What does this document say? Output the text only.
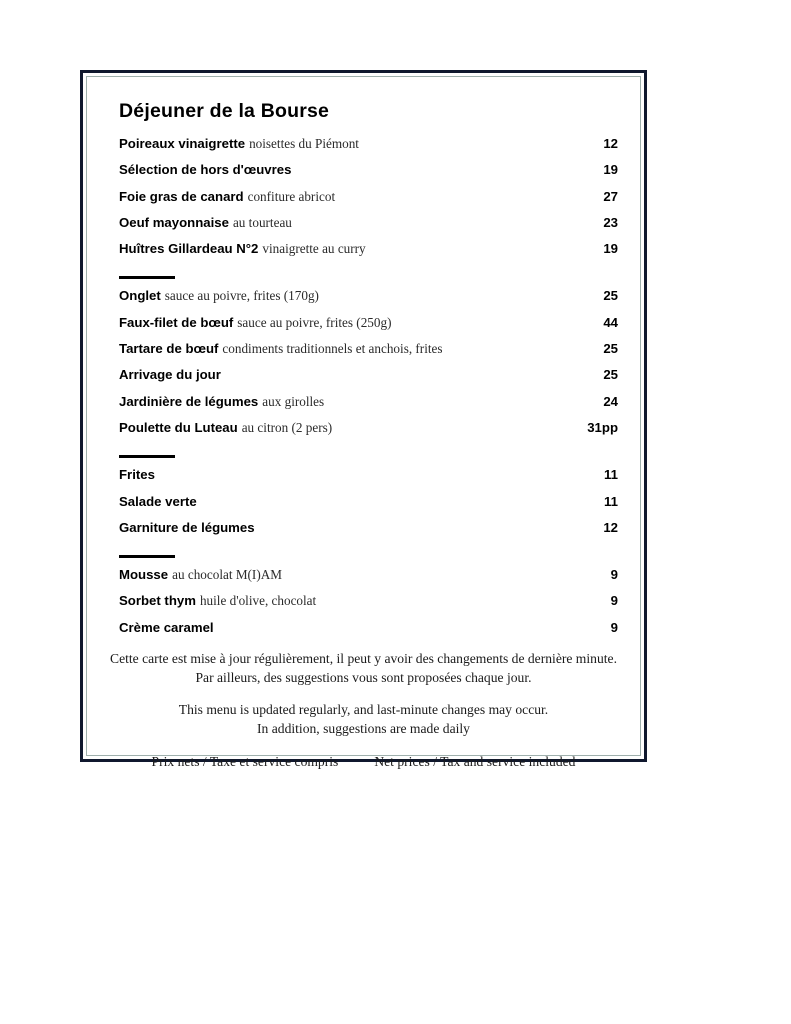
Déjeuner de la Bourse
Poireaux vinaigrette noisettes du Piémont	12
Sélection de hors d'œuvres	19
Foie gras de canard confiture abricot	27
Oeuf mayonnaise au tourteau	23
Huîtres Gillardeau N°2 vinaigrette au curry	19
Onglet sauce au poivre, frites (170g)	25
Faux-filet de bœuf sauce au poivre, frites (250g)	44
Tartare de bœuf condiments traditionnels et anchois, frites	25
Arrivage du jour	25
Jardinière de légumes aux girolles	24
Poulette du Luteau au citron (2 pers)	31pp
Frites	11
Salade verte	11
Garniture de légumes	12
Mousse au chocolat M(I)AM	9
Sorbet thym huile d'olive, chocolat	9
Crème caramel	9
Cette carte est mise à jour régulièrement, il peut y avoir des changements de dernière minute.
Par ailleurs, des suggestions vous sont proposées chaque jour.
This menu is updated regularly, and last-minute changes may occur.
In addition, suggestions are made daily
Prix nets / Taxe et service compris	Net prices / Tax and service included
